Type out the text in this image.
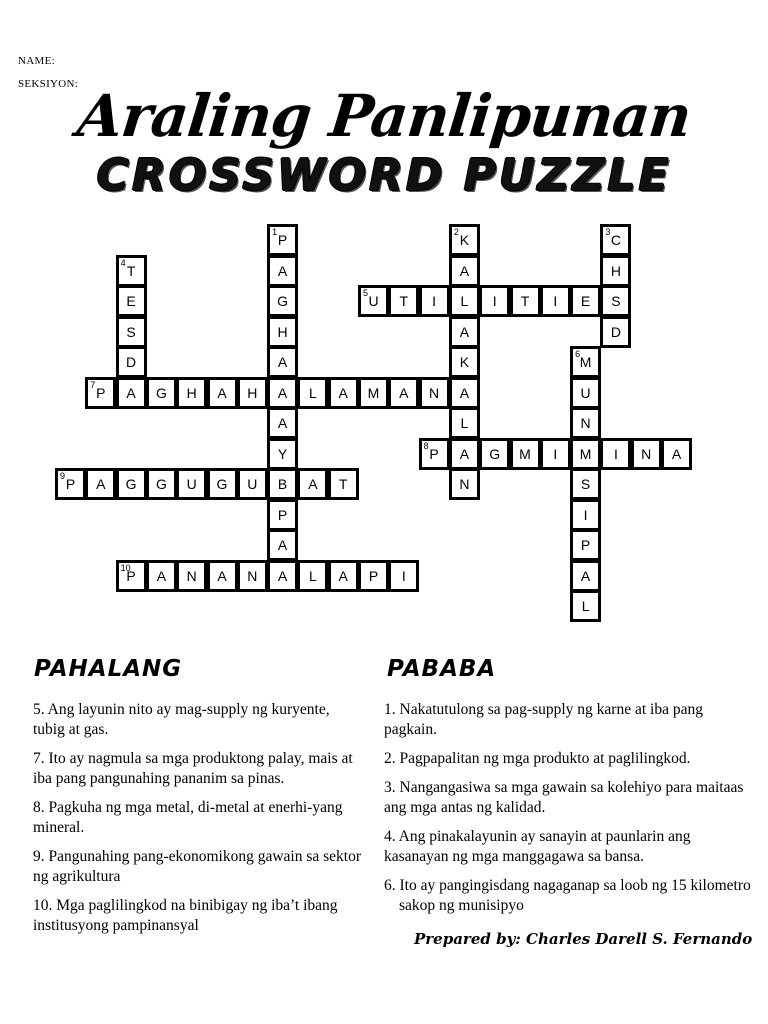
NAME:
SEKSIYON:
Araling Panlipunan
CROSSWORD PUZZLE
U
5 T I L I T I E S
P
7 A G H A H A L A M A N
P
8 A G M I M I N A
P
9 A G G U G U B A T
P
10 A N A N A L A P I
P
1
A
G
H
A
A
Y
P
A
K
2
A
A
K
A
L
N
C
3
H
D
T
4
E
S
D	M
6
U
N
S
I
P
A
L
PAHALANG	PABABA

5. Ang layunin nito ay mag-supply ng kuryente, tubig at gas.

7. Ito ay nagmula sa mga produktong palay, mais at iba pang pangunahing pananim sa pinas.

8. Pagkuha ng mga metal, di-metal at enerhi-yang mineral.

9. Pangunahing pang-ekonomikong gawain sa sektor ng agrikultura

10. Mga paglilingkod na binibigay ng iba’t ibang institusyong pampinansyal

1. Nakatutulong sa pag-supply ng karne at iba pang pagkain.

2. Pagpapalitan ng mga produkto at paglilingkod.

3. Nangangasiwa sa mga gawain sa kolehiyo para maitaas ang mga antas ng kalidad.

4. Ang pinakalayunin ay sanayin at paunlarin ang kasanayan ng mga manggagawa sa bansa.

6. Ito ay pangingisdang nagaganap sa loob ng 15 kilometro sakop ng munisipyo

Prepared by: Charles Darell S. Fernando
